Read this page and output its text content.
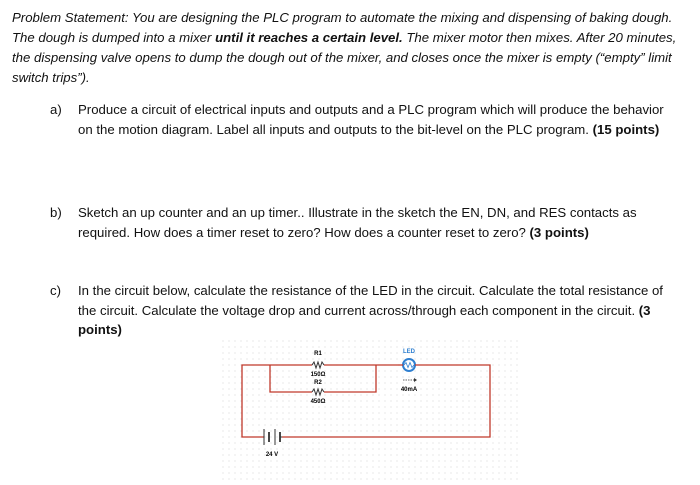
Problem Statement: You are designing the PLC program to automate the mixing and dispensing of baking dough. The dough is dumped into a mixer until it reaches a certain level. The mixer motor then mixes. After 20 minutes, the dispensing valve opens to dump the dough out of the mixer, and closes once the mixer is empty (“empty” limit switch trips”).
a) Produce a circuit of electrical inputs and outputs and a PLC program which will produce the behavior on the motion diagram. Label all inputs and outputs to the bit-level on the PLC program. (15 points)
b) Sketch an up counter and an up timer.. Illustrate in the sketch the EN, DN, and RES contacts as required. How does a timer reset to zero? How does a counter reset to zero? (3 points)
c) In the circuit below, calculate the resistance of the LED in the circuit. Calculate the total resistance of the circuit. Calculate the voltage drop and current across/through each component in the circuit. (3 points)
R1
150Ω
R2
450Ω
LED
40mA
24 V
